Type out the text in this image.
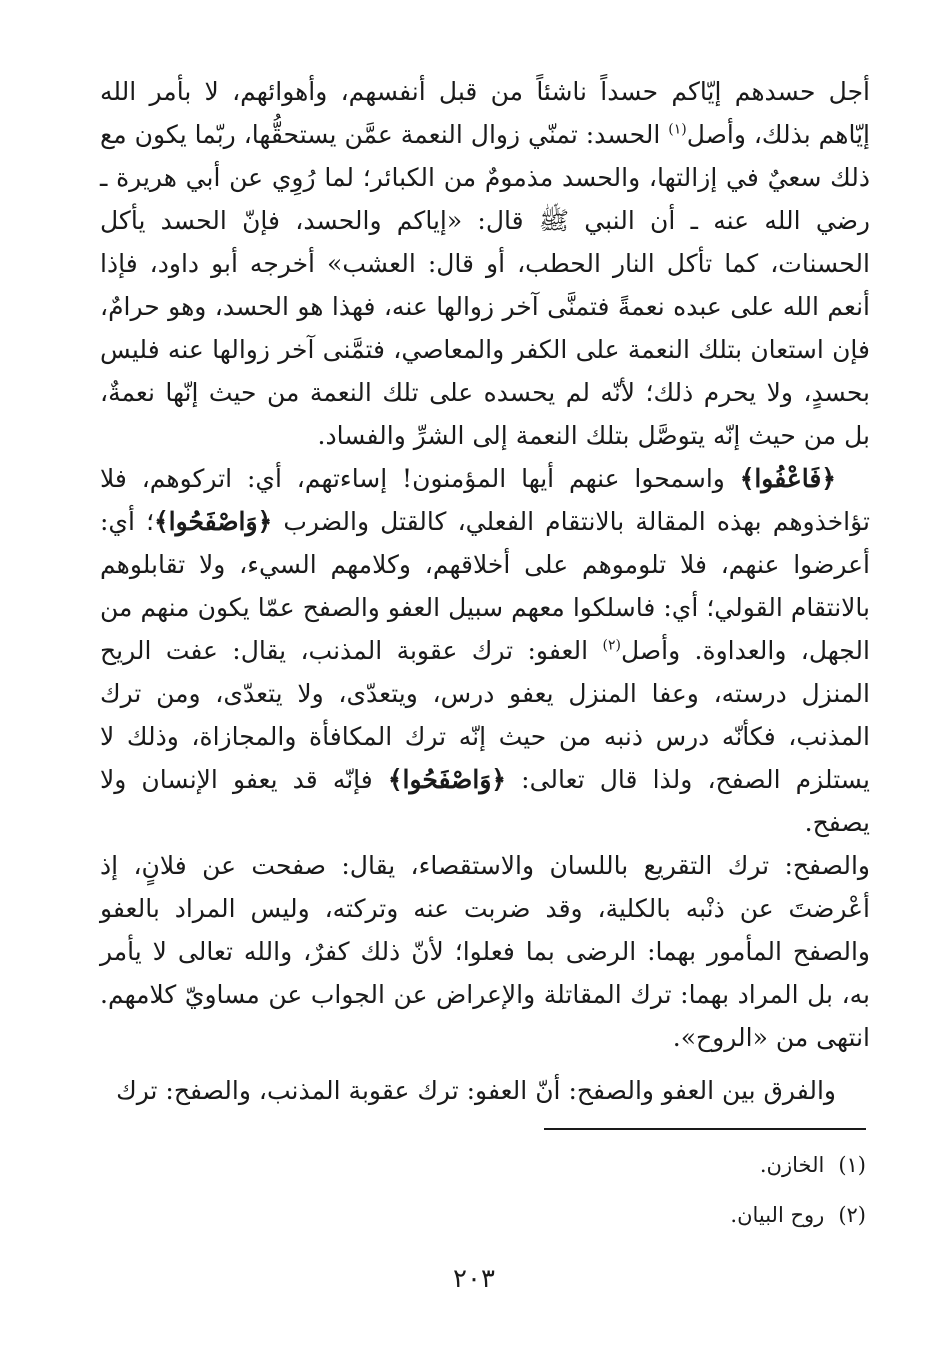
أجل حسدهم إيّاكم حسداً ناشئاً من قبل أنفسهم، وأهوائهم، لا بأمر الله إيّاهم بذلك، وأصل$^{(١)}$ الحسد: تمنّي زوال النعمة عمَّن يستحقُّها، ربّما يكون مع ذلك سعيٌ في إزالتها، والحسد مذمومٌ من الكبائر؛ لما رُوِي عن أبي هريرة ـ رضي الله عنه ـ أن النبي ﷺ قال: «إياكم والحسد، فإنّ الحسد يأكل الحسنات، كما تأكل النار الحطب، أو قال: العشب» أخرجه أبو داود، فإذا أنعم الله على عبده نعمةً فتمنَّى آخر زوالها عنه، فهذا هو الحسد، وهو حرامٌ، فإن استعان بتلك النعمة على الكفر والمعاصي، فتمَّنى آخر زوالها عنه فليس بحسدٍ، ولا يحرم ذلك؛ لأنّه لم يحسده على تلك النعمة من حيث إنّها نعمةٌ، بل من حيث إنّه يتوصَّل بتلك النعمة إلى الشرِّ والفساد.

﴿فَاعْفُوا﴾ واسمحوا عنهم أيها المؤمنون! إساءتهم، أي: اتركوهم، فلا تؤاخذوهم بهذه المقالة بالانتقام الفعلي، كالقتل والضرب ﴿وَاصْفَحُوا﴾؛ أي: أعرضوا عنهم، فلا تلوموهم على أخلاقهم، وكلامهم السيء، ولا تقابلوهم بالانتقام القولي؛ أي: فاسلكوا معهم سبيل العفو والصفح عمّا يكون منهم من الجهل، والعداوة. وأصل$^{(٢)}$ العفو: ترك عقوبة المذنب، يقال: عفت الريح المنزل درسته، وعفا المنزل يعفو درس، ويتعدّى، ولا يتعدّى، ومن ترك المذنب، فكأنّه درس ذنبه من حيث إنّه ترك المكافأة والمجازاة، وذلك لا يستلزم الصفح، ولذا قال تعالى: ﴿وَاصْفَحُوا﴾ فإنّه قد يعفو الإنسان ولا يصفح.

والصفح: ترك التقريع باللسان والاستقصاء، يقال: صفحت عن فلانٍ، إذ أعْرضتَ عن ذنْبه بالكلية، وقد ضربت عنه وتركته، وليس المراد بالعفو والصفح المأمور بهما: الرضى بما فعلوا؛ لأنّ ذلك كفرٌ، والله تعالى لا يأمر به، بل المراد بهما: ترك المقاتلة والإعراض عن الجواب عن مساويّ كلامهم. انتهى من «الروح».

والفرق بين العفو والصفح: أنّ العفو: ترك عقوبة المذنب، والصفح: ترك

(١)الخازن.

(٢)روح البيان.

٢٠٣
